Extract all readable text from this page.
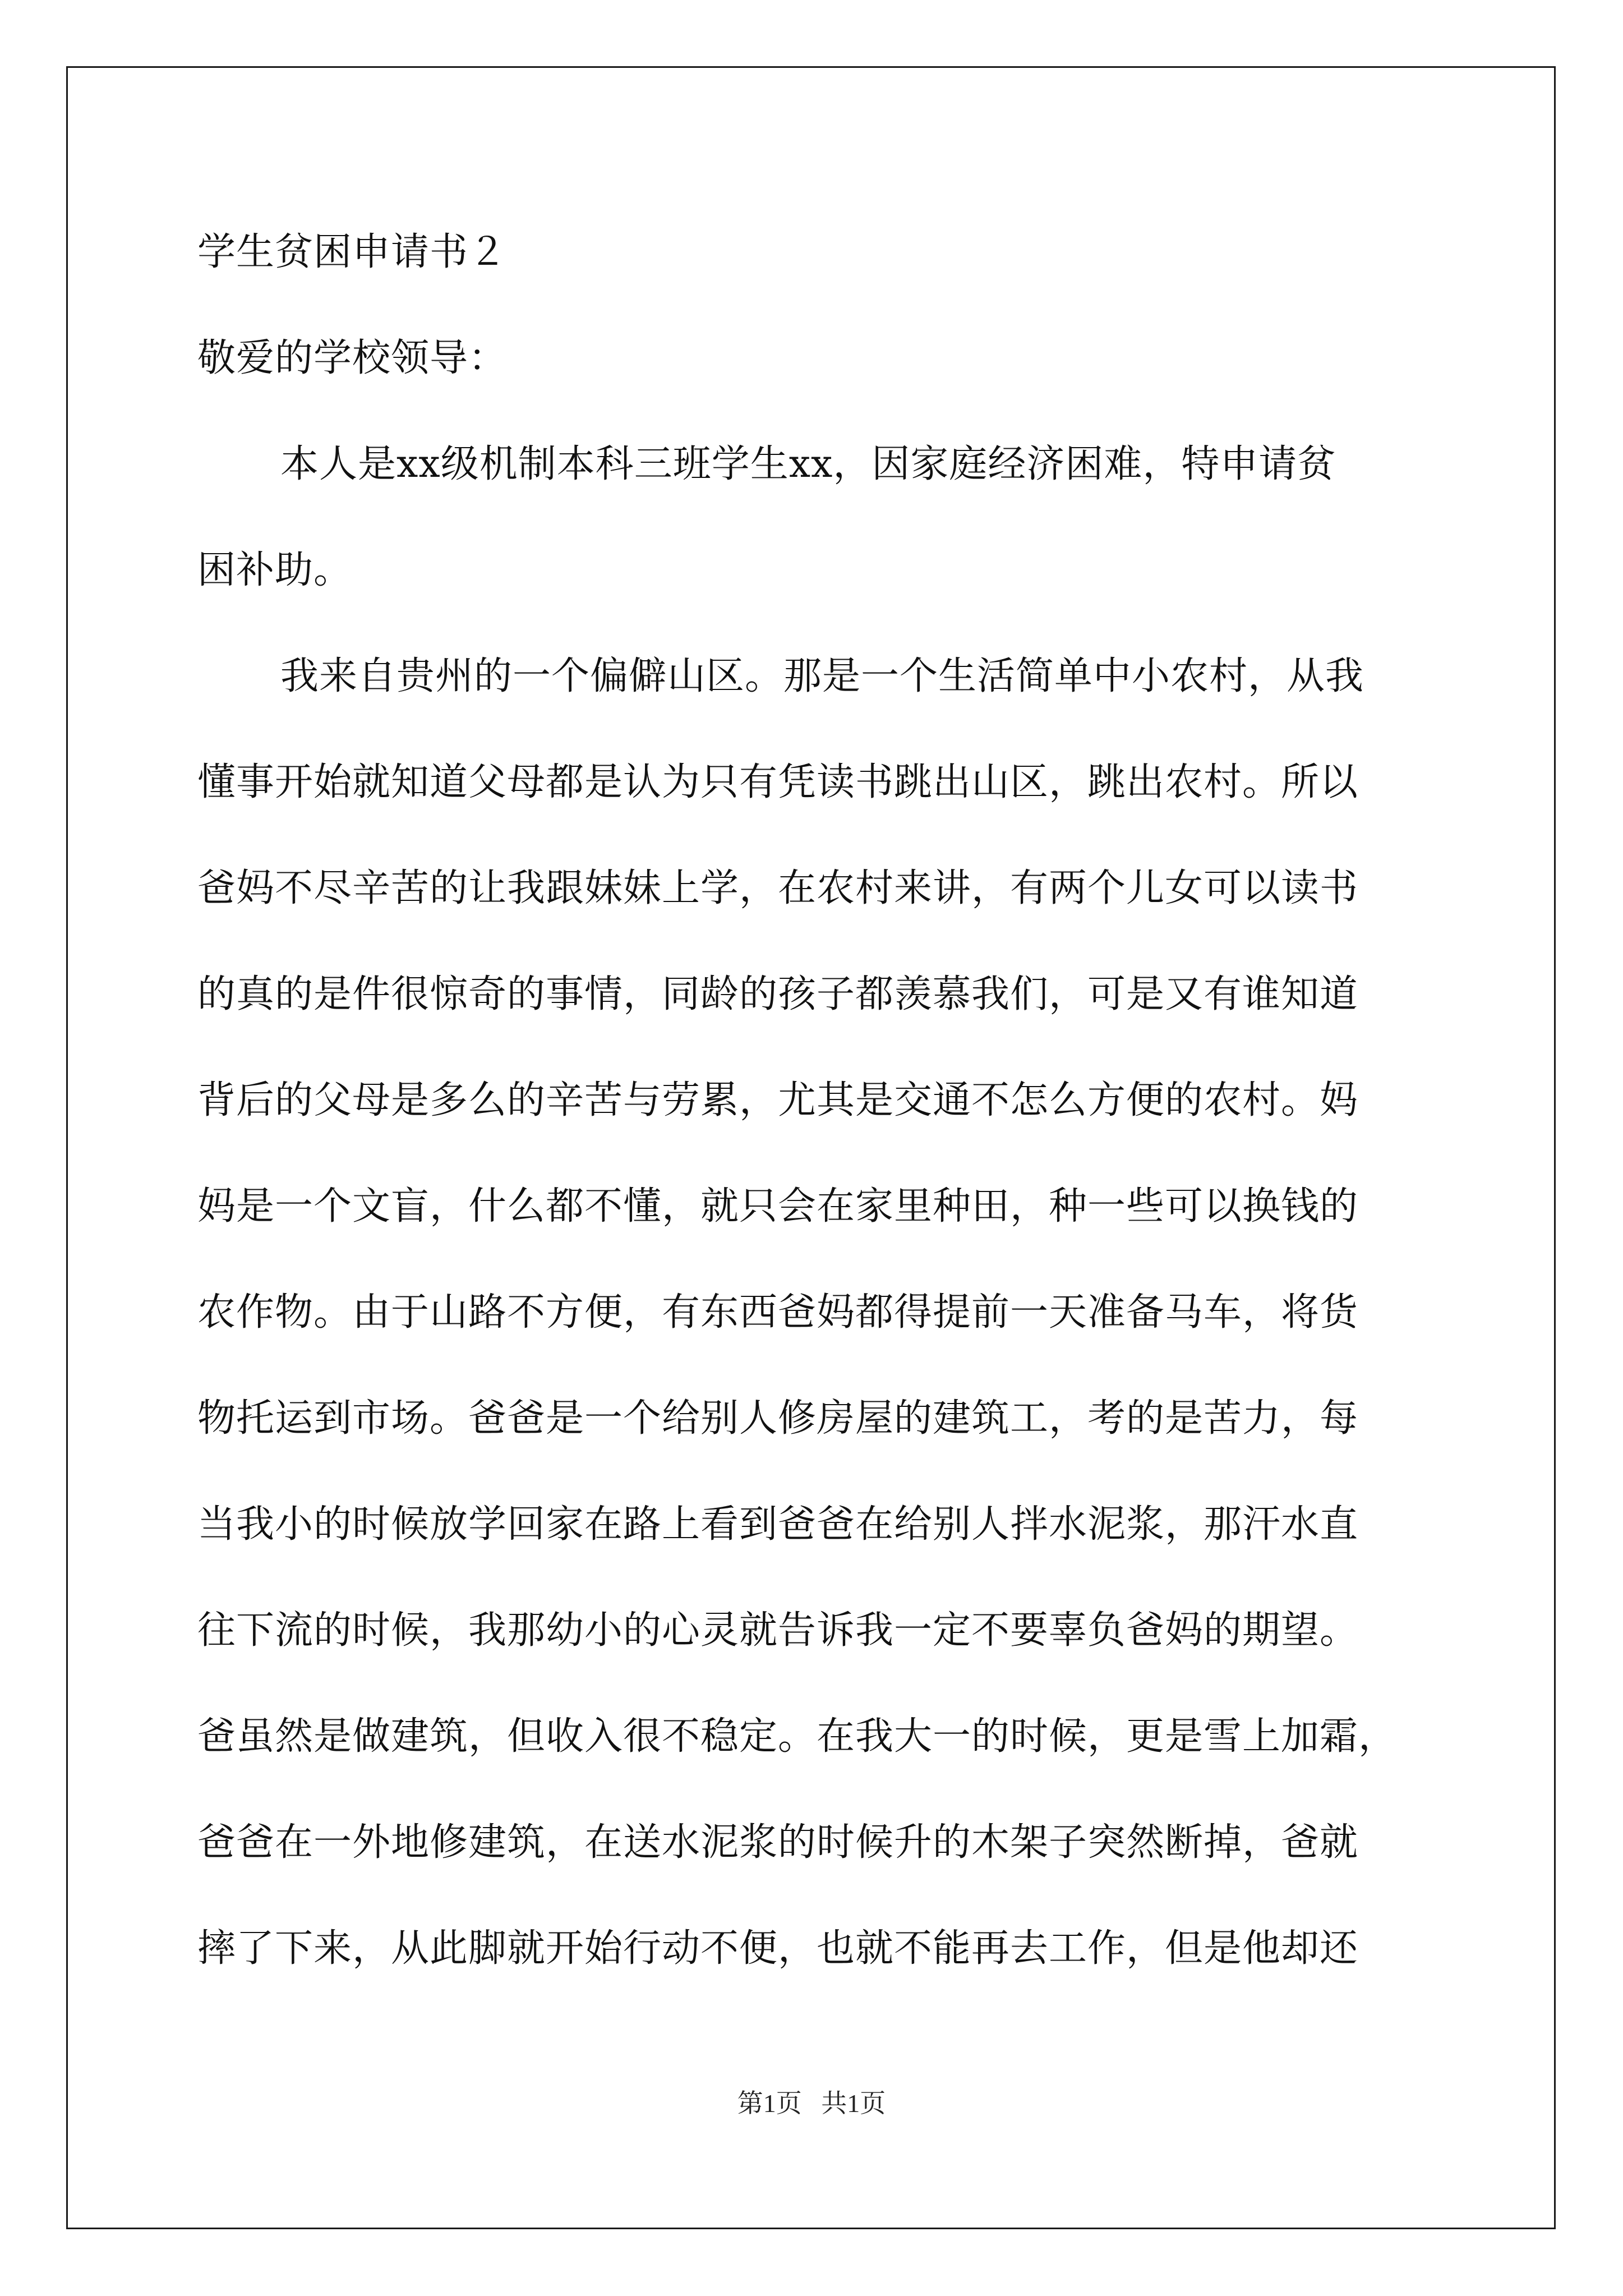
学生贫困申请书２
敬爱的学校领导：
本人是xx级机制本科三班学生xx，因家庭经济困难，特申请贫
困补助。
我来自贵州的一个偏僻山区。那是一个生活简单中小农村，从我
懂事开始就知道父母都是认为只有凭读书跳出山区，跳出农村。所以
爸妈不尽辛苦的让我跟妹妹上学，在农村来讲，有两个儿女可以读书
的真的是件很惊奇的事情，同龄的孩子都羡慕我们，可是又有谁知道
背后的父母是多么的辛苦与劳累，尤其是交通不怎么方便的农村。妈
妈是一个文盲，什么都不懂，就只会在家里种田，种一些可以换钱的
农作物。由于山路不方便，有东西爸妈都得提前一天准备马车，将货
物托运到市场。爸爸是一个给别人修房屋的建筑工，考的是苦力，每
当我小的时候放学回家在路上看到爸爸在给别人拌水泥浆，那汗水直
往下流的时候，我那幼小的心灵就告诉我一定不要辜负爸妈的期望。
爸虽然是做建筑，但收入很不稳定。在我大一的时候，更是雪上加霜，
爸爸在一外地修建筑，在送水泥浆的时候升的木架子突然断掉，爸就
摔了下来，从此脚就开始行动不便，也就不能再去工作，但是他却还
第1页   共1页
